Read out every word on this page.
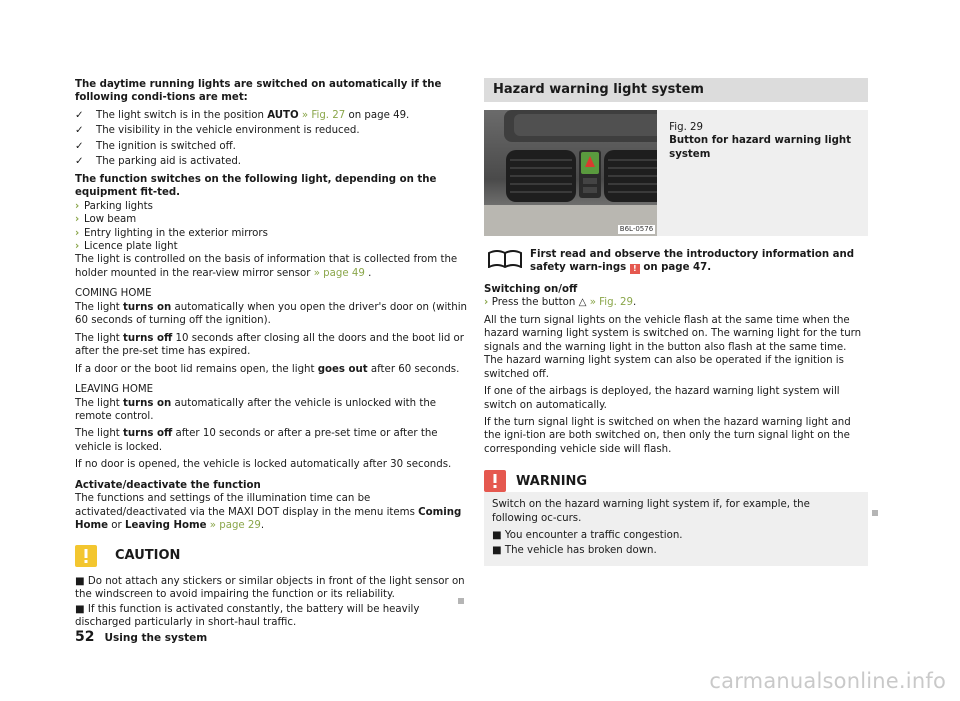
The daytime running lights are switched on automatically if the following condi-tions are met:

✓ The light switch is in the position AUTO » Fig. 27 on page 49.
✓ The visibility in the vehicle environment is reduced.
✓ The ignition is switched off.
✓ The parking aid is activated.

The function switches on the following light, depending on the equipment fit-ted.

› Parking lights
› Low beam
› Entry lighting in the exterior mirrors
› Licence plate light

The light is controlled on the basis of information that is collected from the holder mounted in the rear-view mirror sensor » page 49 .

COMING HOME

The light turns on automatically when you open the driver's door on (within 60 seconds of turning off the ignition).

The light turns off 10 seconds after closing all the doors and the boot lid or after the pre-set time has expired.

If a door or the boot lid remains open, the light goes out after 60 seconds.

LEAVING HOME

The light turns on automatically after the vehicle is unlocked with the remote control.

The light turns off after 10 seconds or after a pre-set time or after the vehicle is locked.

If no door is opened, the vehicle is locked automatically after 30 seconds.

Activate/deactivate the function

The functions and settings of the illumination time can be activated/deactivated via the MAXI DOT display in the menu items Coming Home or Leaving Home » page 29.

CAUTION

■ Do not attach any stickers or similar objects in front of the light sensor on the windscreen to avoid impairing the function or its reliability.

■ If this function is activated constantly, the battery will be heavily discharged particularly in short-haul traffic.

Hazard warning light system
B6L-0576
Fig. 29
Button for hazard warning light system
First read and observe the introductory information and safety warn-ings ! on page 47.

Switching on/off

› Press the button △ » Fig. 29.

All the turn signal lights on the vehicle flash at the same time when the hazard warning light system is switched on. The warning light for the turn signals and the warning light in the button also flash at the same time. The hazard warning light system can also be operated if the ignition is switched off.

If one of the airbags is deployed, the hazard warning light system will switch on automatically.

If the turn signal light is switched on when the hazard warning light and the igni-tion are both switched on, then only the turn signal light on the corresponding vehicle side will flash.

WARNING

Switch on the hazard warning light system if, for example, the following oc-curs.

■ You encounter a traffic congestion.

■ The vehicle has broken down.

52 Using the system
carmanualsonline.info
